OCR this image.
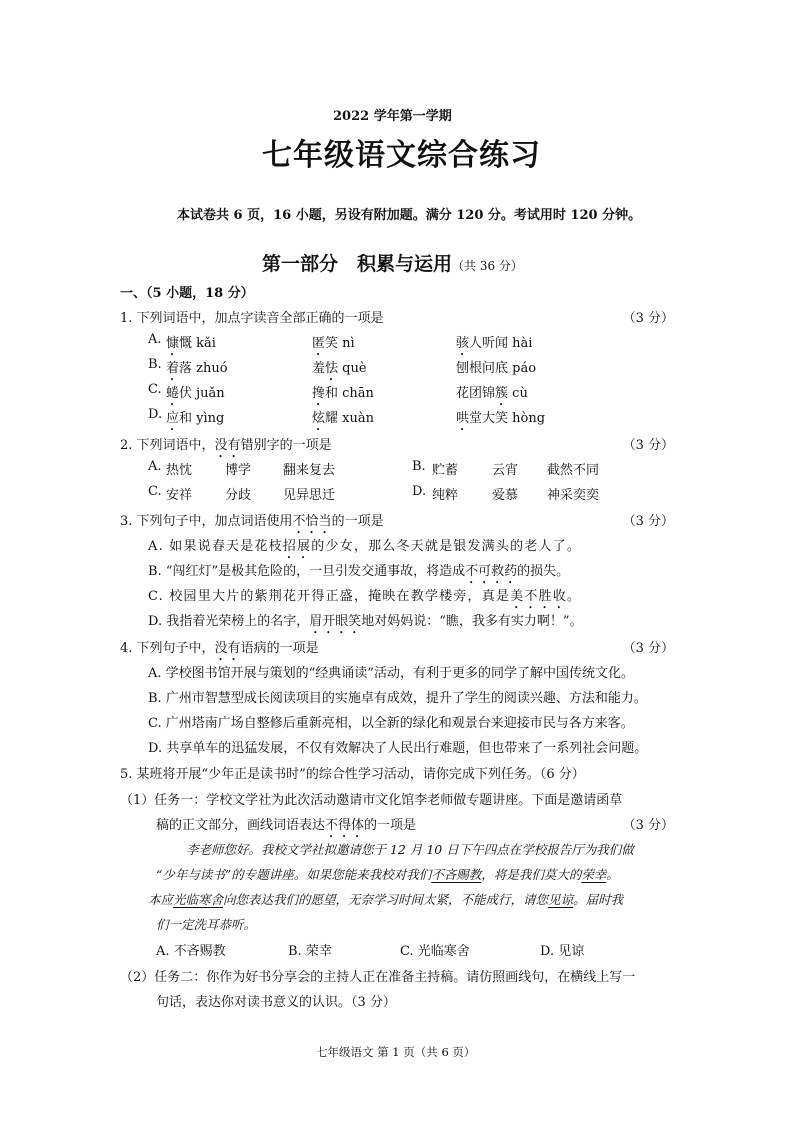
2022 学年第一学期
七年级语文综合练习
本试卷共 6 页，16 小题，另设有附加题。满分 120 分。考试用时 120 分钟。
第一部分　积累与运用（共 36 分）
一、（5 小题，18 分）
1. 下列词语中，加点字读音全部正确的一项是	（3 分）
A. 慷慨 kǎi	匿笑 nì	骇人听闻 hài
B. 着落 zhuó	羞怯 què	刨根问底 páo
C. 蜷伏 juǎn	搀和 chān	花团锦簇 cù
D. 应和 yìng	炫耀 xuàn	哄堂大笑 hòng
2. 下列词语中，没有错别字的一项是	（3 分）
A. 热忱	博学 翻来复去	B. 贮蓄	云宵 截然不同
C. 安祥	分歧 见异思迁	D. 纯粹	爱慕 神采奕奕
3. 下列句子中，加点词语使用不恰当的一项是	（3 分）
A. 如果说春天是花枝招展的少女，那么冬天就是银发满头的老人了。
B. “闯红灯”是极其危险的，一旦引发交通事故，将造成不可救药的损失。
C. 校园里大片的紫荆花开得正盛，掩映在教学楼旁，真是美不胜收。
D. 我指着光荣榜上的名字，眉开眼笑地对妈妈说：“瞧，我多有实力啊！”。
4. 下列句子中，没有语病的一项是	（3 分）
A. 学校图书馆开展与策划的“经典诵读”活动，有利于更多的同学了解中国传统文化。
B. 广州市智慧型成长阅读项目的实施卓有成效，提升了学生的阅读兴趣、方法和能力。
C. 广州塔南广场自整修后重新亮相，以全新的绿化和观景台来迎接市民与各方来客。
D. 共享单车的迅猛发展，不仅有效解决了人民出行难题，但也带来了一系列社会问题。
5. 某班将开展“少年正是读书时”的综合性学习活动，请你完成下列任务。（6 分）
（1）任务一：学校文学社为此次活动邀请市文化馆李老师做专题讲座。下面是邀请函草
稿的正文部分，画线词语表达不得体的一项是	（3 分）
李老师您好。我校文学社拟邀请您于 12 月 10 日下午四点在学校报告厅为我们做
“少年与读书”的专题讲座。如果您能来我校对我们不吝赐教，将是我们莫大的荣幸。
本应光临寒舍向您表达我们的愿望，无奈学习时间太紧，不能成行，请您见谅。届时我
们一定洗耳恭听。
A. 不吝赐教	B. 荣幸	C. 光临寒舍	D. 见谅
（2）任务二：你作为好书分享会的主持人正在准备主持稿。请仿照画线句，在横线上写一
句话，表达你对读书意义的认识。（3 分）
七年级语文 第 1 页（共 6 页）
